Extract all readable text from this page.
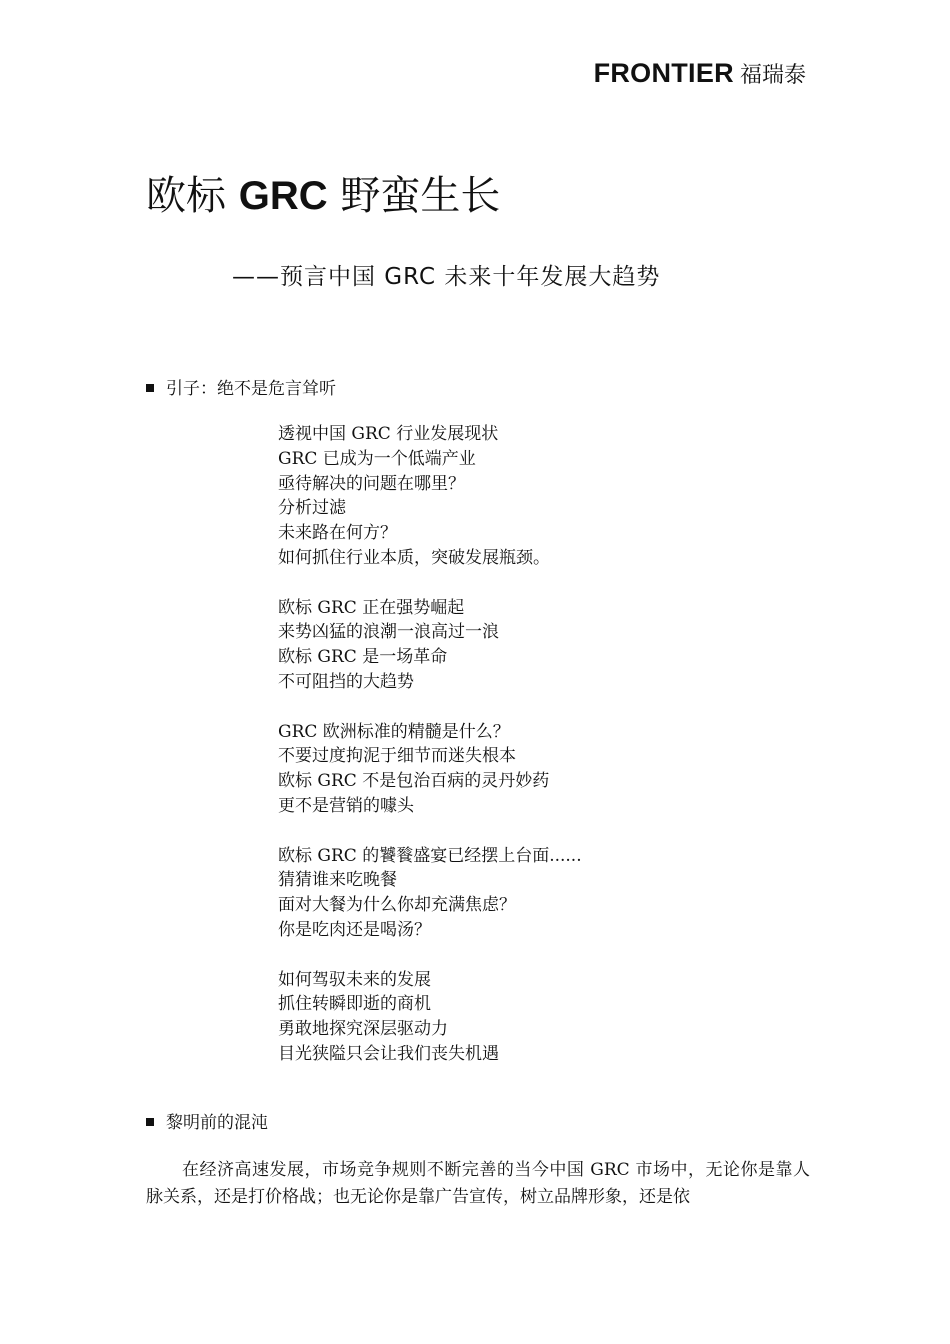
FRONTIER 福瑞泰
欧标 GRC 野蛮生长
——预言中国 GRC 未来十年发展大趋势
引子：绝不是危言耸听
透视中国 GRC 行业发展现状
GRC 已成为一个低端产业
亟待解决的问题在哪里？
分析过滤
未来路在何方？
如何抓住行业本质，突破发展瓶颈。
欧标 GRC 正在强势崛起
来势凶猛的浪潮一浪高过一浪
欧标 GRC 是一场革命
不可阻挡的大趋势
GRC 欧洲标准的精髓是什么？
不要过度拘泥于细节而迷失根本
欧标 GRC 不是包治百病的灵丹妙药
更不是营销的噱头
欧标 GRC 的饕餮盛宴已经摆上台面......
猜猜谁来吃晚餐
面对大餐为什么你却充满焦虑？
你是吃肉还是喝汤？
如何驾驭未来的发展
抓住转瞬即逝的商机
勇敢地探究深层驱动力
目光狭隘只会让我们丧失机遇
黎明前的混沌
在经济高速发展，市场竞争规则不断完善的当今中国 GRC 市场中，无论你是靠人脉关系，还是打价格战；也无论你是靠广告宣传，树立品牌形象，还是依
